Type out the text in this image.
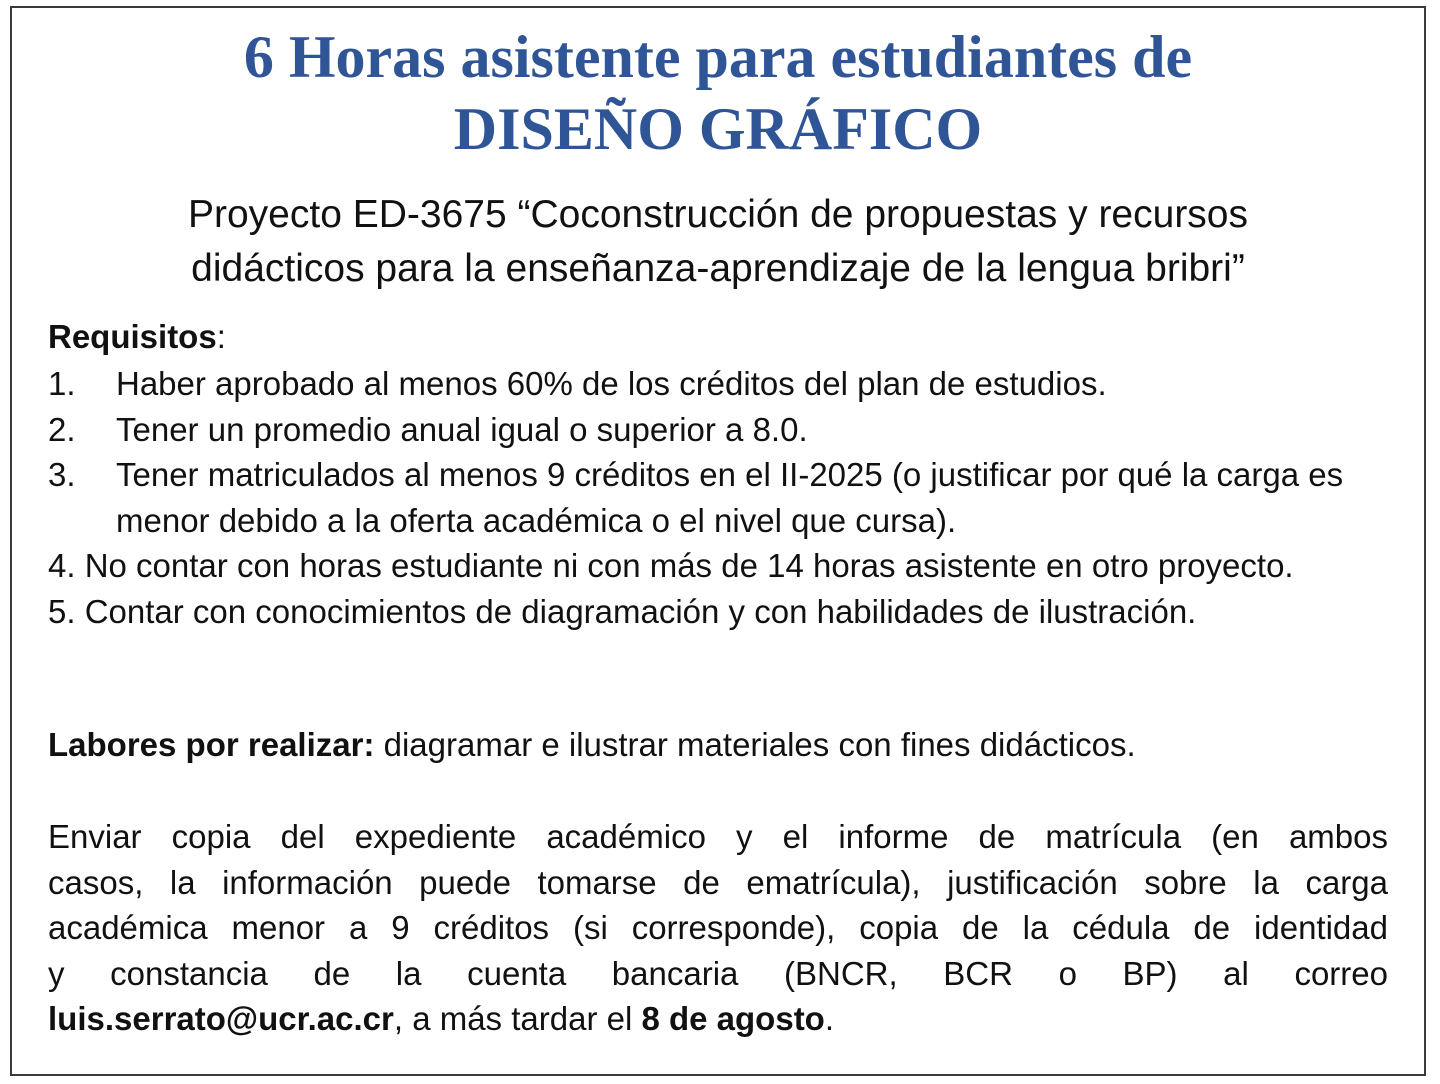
6 Horas asistente para estudiantes de
DISEÑO GRÁFICO
Proyecto ED-3675 “Coconstrucción de propuestas y recursos
didácticos para la enseñanza-aprendizaje de la lengua bribri”
Requisitos:
1.	Haber aprobado al menos 60% de los créditos del plan de estudios.
2.	Tener un promedio anual igual o superior a 8.0.
3.	Tener matriculados al menos 9 créditos en el II-2025 (o justificar por qué la carga es menor debido a la oferta académica o el nivel que cursa).
4. No contar con horas estudiante ni con más de 14 horas asistente en otro proyecto.
5. Contar con conocimientos de diagramación y con habilidades de ilustración.
Labores por realizar: diagramar e ilustrar materiales con fines didácticos.
Enviar copia del expediente académico y el informe de matrícula (en ambos
casos, la información puede tomarse de ematrícula), justificación sobre la carga
académica menor a 9 créditos (si corresponde), copia de la cédula de identidad
y constancia de la cuenta bancaria (BNCR, BCR o BP) al correo
luis.serrato@ucr.ac.cr, a más tardar el 8 de agosto.
